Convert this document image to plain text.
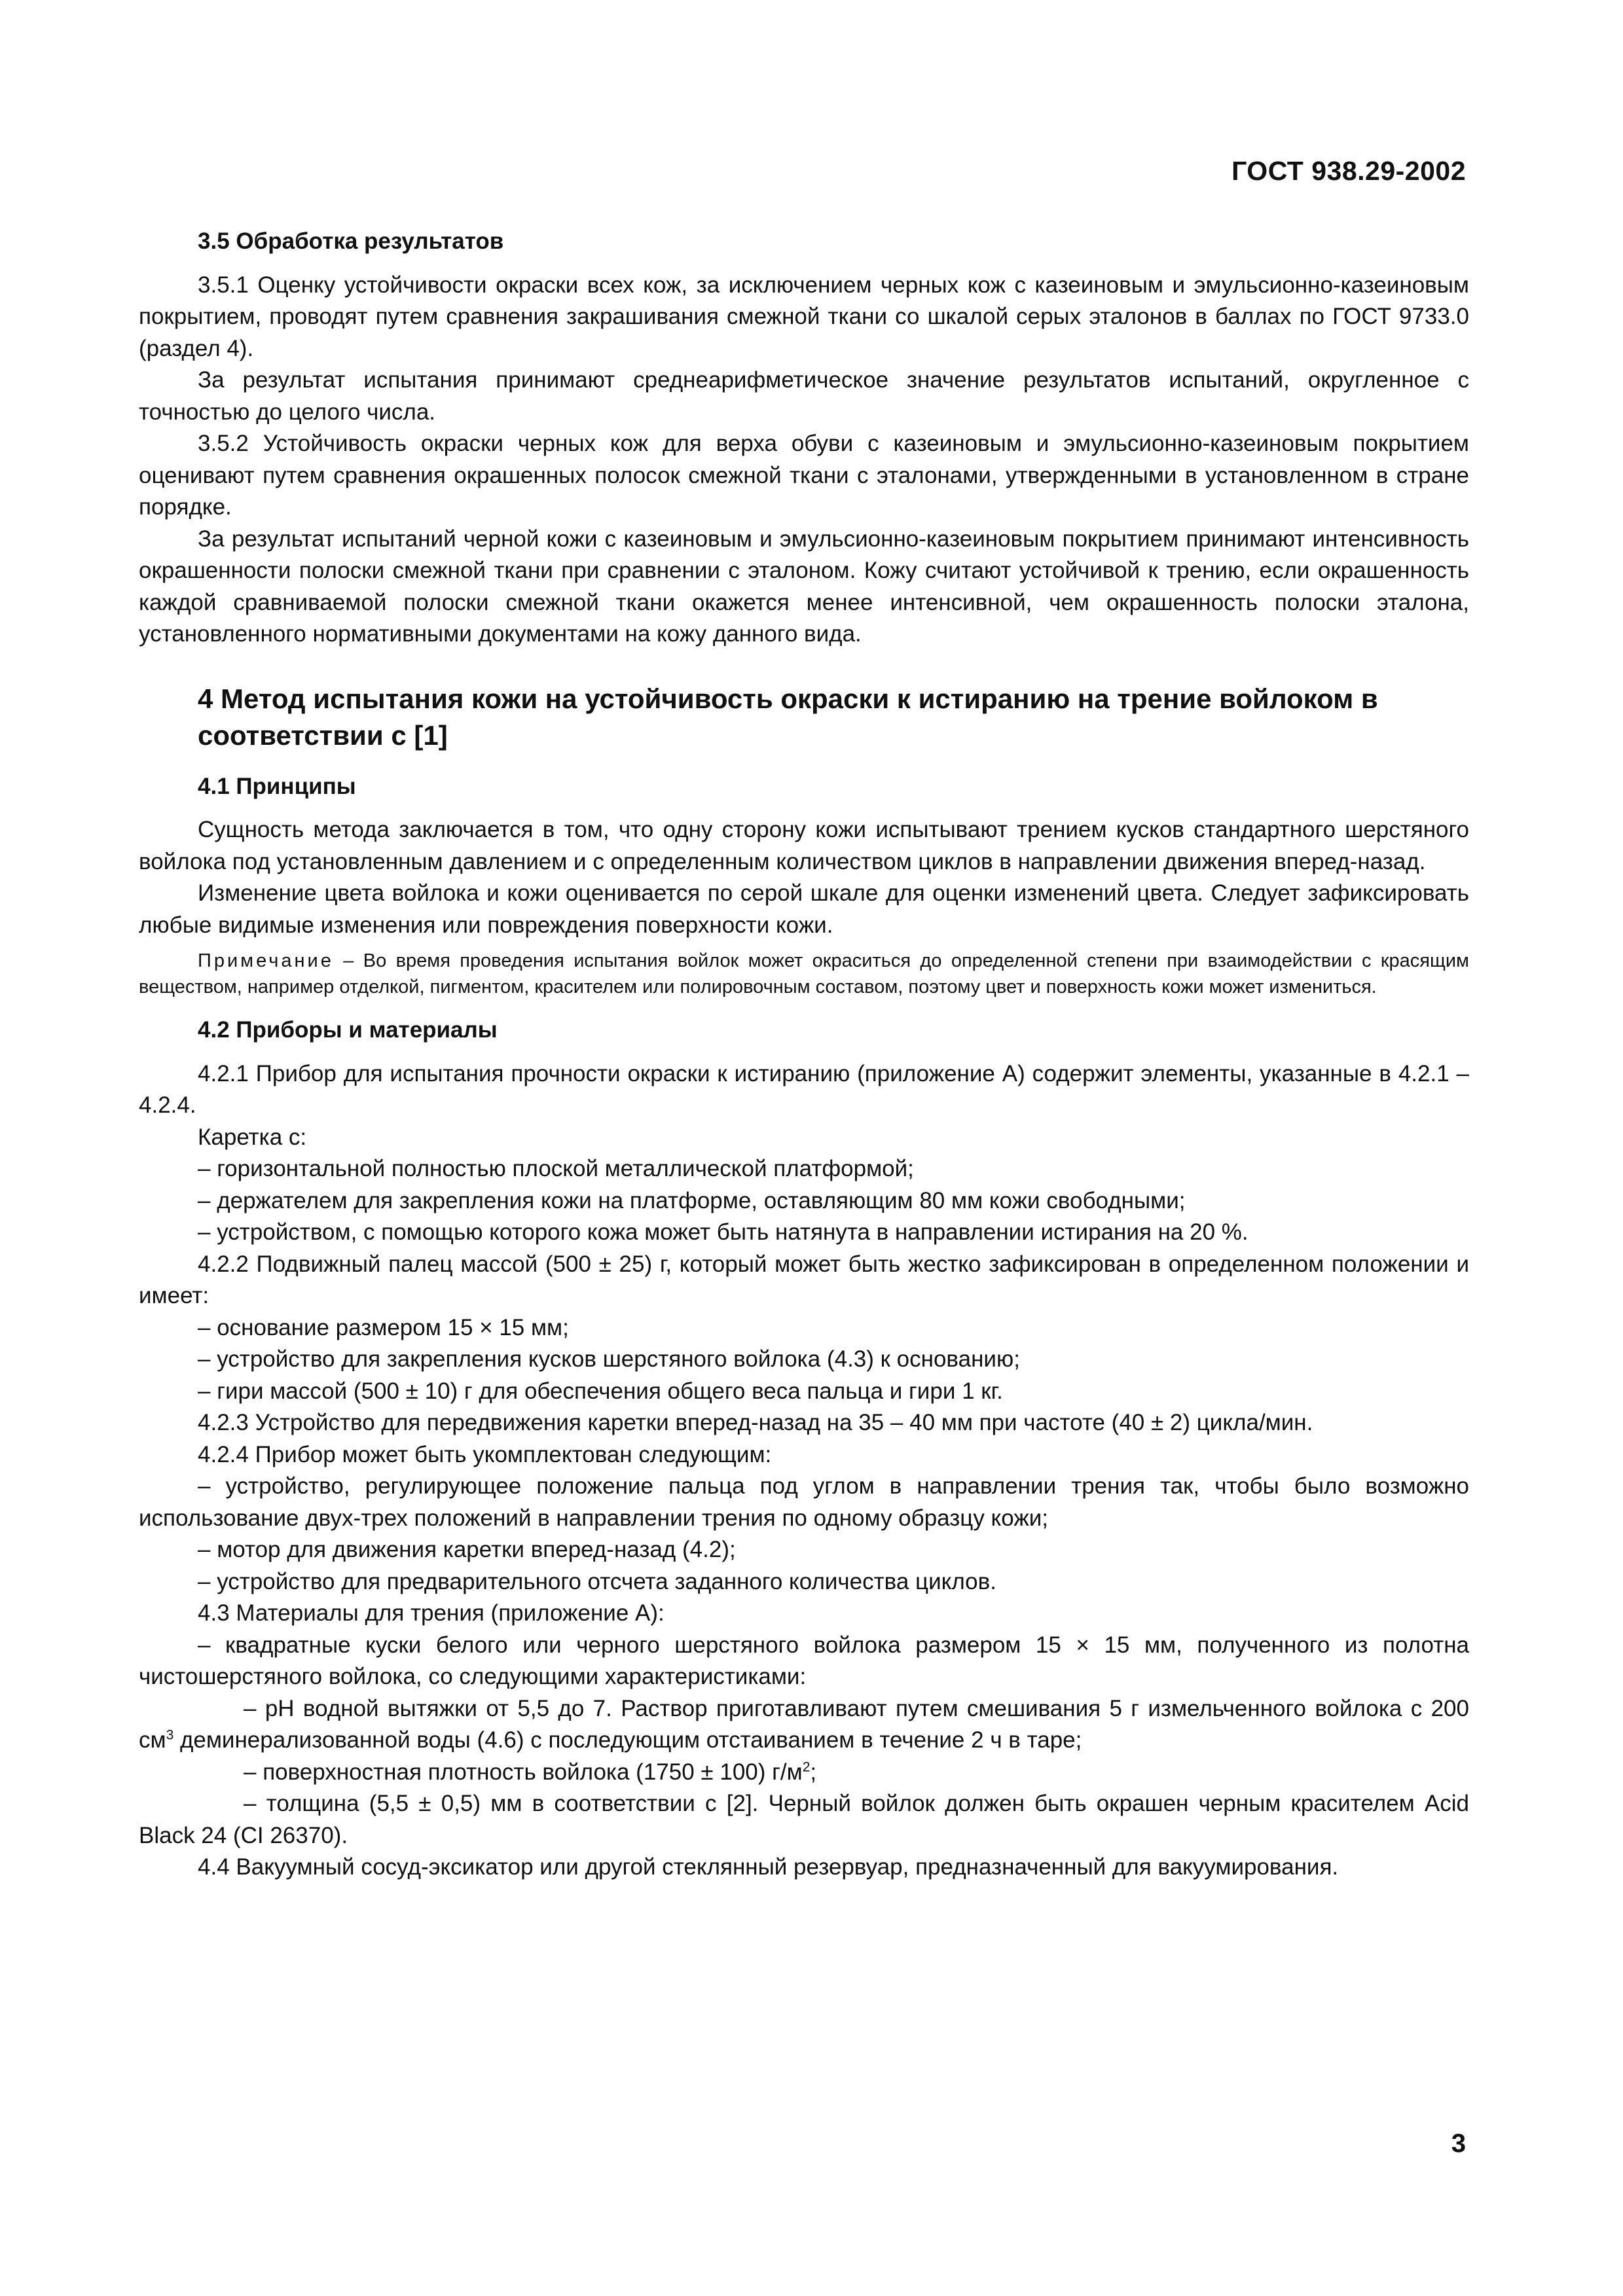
ГОСТ 938.29-2002

3.5 Обработка результатов

3.5.1 Оценку устойчивости окраски всех кож, за исключением черных кож с казеиновым и эмульсионно-казеиновым покрытием, проводят путем сравнения закрашивания смежной ткани со шкалой серых эталонов в баллах по ГОСТ 9733.0 (раздел 4).

За результат испытания принимают среднеарифметическое значение результатов испытаний, округленное с точностью до целого числа.

3.5.2 Устойчивость окраски черных кож для верха обуви с казеиновым и эмульсионно-казеиновым покрытием оценивают путем сравнения окрашенных полосок смежной ткани с эталонами, утвержденными в установленном в стране порядке.

За результат испытаний черной кожи с казеиновым и эмульсионно-казеиновым покрытием принимают интенсивность окрашенности полоски смежной ткани при сравнении с эталоном. Кожу считают устойчивой к трению, если окрашенность каждой сравниваемой полоски смежной ткани окажется менее интенсивной, чем окрашенность полоски эталона, установленного нормативными документами на кожу данного вида.

4 Метод испытания кожи на устойчивость окраски к истиранию на трение войлоком в соответствии с [1]

4.1 Принципы

Сущность метода заключается в том, что одну сторону кожи испытывают трением кусков стандартного шерстяного войлока под установленным давлением и с определенным количеством циклов в направлении движения вперед-назад.

Изменение цвета войлока и кожи оценивается по серой шкале для оценки изменений цвета. Следует зафиксировать любые видимые изменения или повреждения поверхности кожи.

Примечание – Во время проведения испытания войлок может окраситься до определенной степени при взаимодействии с красящим веществом, например отделкой, пигментом, красителем или полировочным составом, поэтому цвет и поверхность кожи может измениться.

4.2 Приборы и материалы

4.2.1 Прибор для испытания прочности окраски к истиранию (приложение А) содержит элементы, указанные в 4.2.1 – 4.2.4.

Каретка с:

– горизонтальной полностью плоской металлической платформой;

– держателем для закрепления кожи на платформе, оставляющим 80 мм кожи свободными;

– устройством, с помощью которого кожа может быть натянута в направлении истирания на 20 %.

4.2.2 Подвижный палец массой (500 ± 25) г, который может быть жестко зафиксирован в определенном положении и имеет:

– основание размером 15 × 15 мм;

– устройство для закрепления кусков шерстяного войлока (4.3) к основанию;

– гири массой (500 ± 10) г для обеспечения общего веса пальца и гири 1 кг.

4.2.3 Устройство для передвижения каретки вперед-назад на 35 – 40 мм при частоте (40 ± 2) цикла/мин.

4.2.4 Прибор может быть укомплектован следующим:

– устройство, регулирующее положение пальца под углом в направлении трения так, чтобы было возможно использование двух-трех положений в направлении трения по одному образцу кожи;

– мотор для движения каретки вперед-назад (4.2);

– устройство для предварительного отсчета заданного количества циклов.

4.3 Материалы для трения (приложение А):

– квадратные куски белого или черного шерстяного войлока размером 15 × 15 мм, полученного из полотна чистошерстяного войлока, со следующими характеристиками:

– рН водной вытяжки от 5,5 до 7. Раствор приготавливают путем смешивания 5 г измельченного войлока с 200 $см^3$ деминерализованной воды (4.6) с последующим отстаиванием в течение 2 ч в таре;

– поверхностная плотность войлока (1750 ± 100) $г/м^2$;

– толщина (5,5 ± 0,5) мм в соответствии с [2]. Черный войлок должен быть окрашен черным красителем Acid Black 24 (CI 26370).

4.4 Вакуумный сосуд-эксикатор или другой стеклянный резервуар, предназначенный для вакуумирования.

3
